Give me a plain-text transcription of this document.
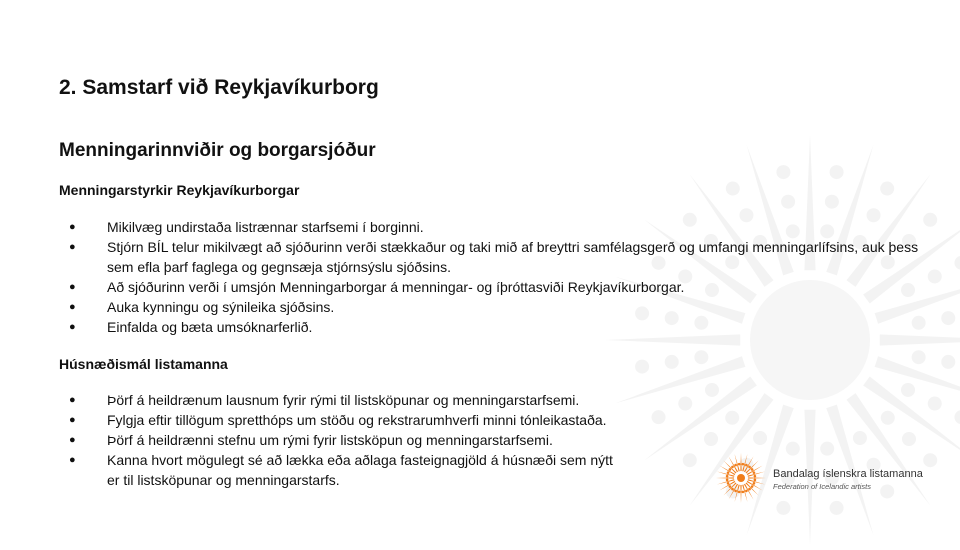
2. Samstarf við Reykjavíkurborg
Menningarinnviðir og borgarsjóður
Menningarstyrkir Reykjavíkurborgar
● Mikilvæg undirstaða listrænnar starfsemi í borginni.
● Stjórn BÍL telur mikilvægt að sjóðurinn verði stækkaður og taki mið af breyttri samfélagsgerð og umfangi menningarlífsins, auk þess sem efla þarf faglega og gegnsæja stjórnsýslu sjóðsins.
● Að sjóðurinn verði í umsjón Menningarborgar á menningar- og íþróttasviði Reykjavíkurborgar.
● Auka kynningu og sýnileika sjóðsins.
● Einfalda og bæta umsóknarferlið.
Húsnæðismál listamanna
● Þörf á heildrænum lausnum fyrir rými til listsköpunar og menningarstarfsemi.
● Fylgja eftir tillögum spretthóps um stöðu og rekstrarumhverfi minni tónleikastaða.
● Þörf á heildrænni stefnu um rými fyrir listsköpun og menningarstarfsemi.
● Kanna hvort mögulegt sé að lækka eða aðlaga fasteignagjöld á húsnæði sem nýtt er til listsköpunar og menningarstarfs.	Bandalag íslenskra listamanna
Federation of Icelandic artists
